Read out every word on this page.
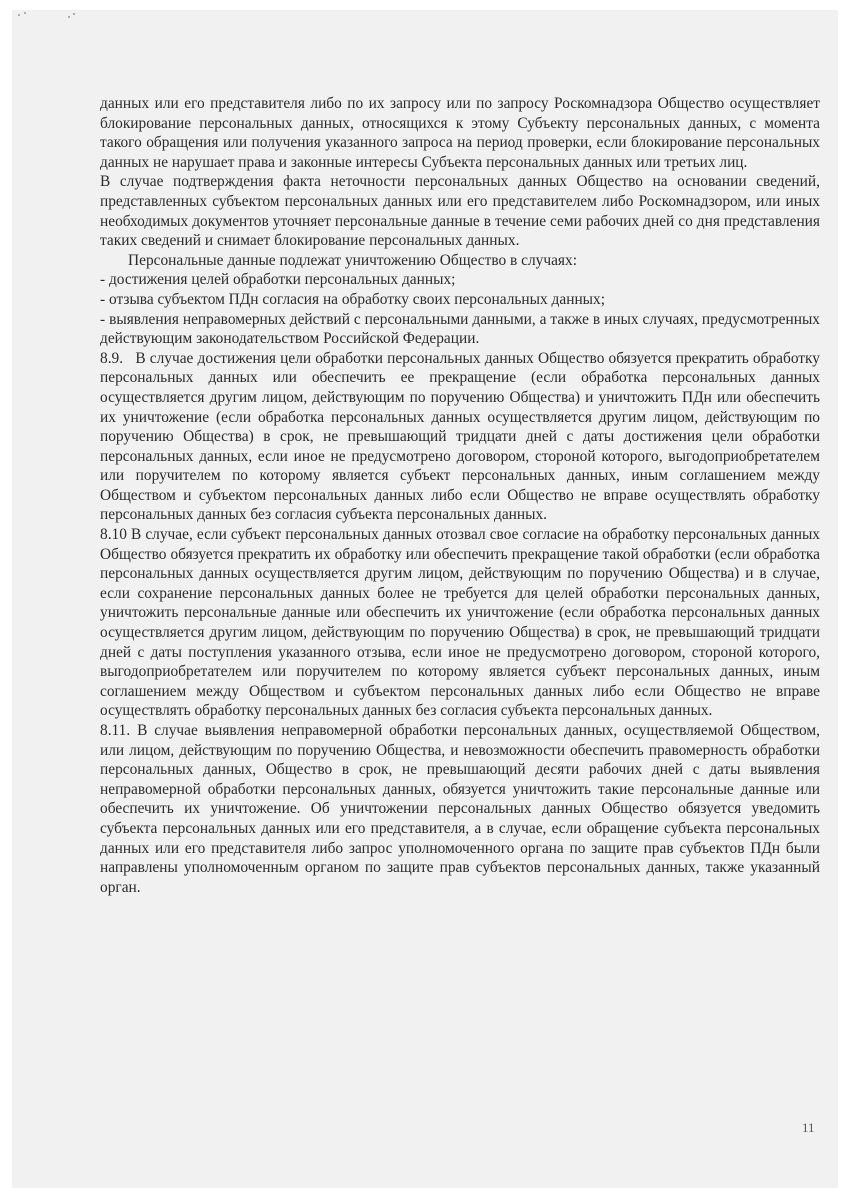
данных или его представителя либо по их запросу или по запросу Роскомнадзора Общество осуществляет блокирование персональных данных, относящихся к этому Субъекту персональных данных, с момента такого обращения или получения указанного запроса на период проверки, если блокирование персональных данных не нарушает права и законные интересы Субъекта персональных данных или третьих лиц.

В случае подтверждения факта неточности персональных данных Общество на основании сведений, представленных субъектом персональных данных или его представителем либо Роскомнадзором, или иных необходимых документов уточняет персональные данные в течение семи рабочих дней со дня представления таких сведений и снимает блокирование персональных данных.

Персональные данные подлежат уничтожению Общество в случаях:

- достижения целей обработки персональных данных;

- отзыва субъектом ПДн согласия на обработку своих персональных данных;

- выявления неправомерных действий с персональными данными, а также в иных случаях, предусмотренных действующим законодательством Российской Федерации.

8.9.   В случае достижения цели обработки персональных данных Общество обязуется прекратить обработку персональных данных или обеспечить ее прекращение (если обработка персональных данных осуществляется другим лицом, действующим по поручению Общества) и уничтожить ПДн или обеспечить их уничтожение (если обработка персональных данных осуществляется другим лицом, действующим по поручению Общества) в срок, не превышающий тридцати дней с даты достижения цели обработки персональных данных, если иное не предусмотрено договором, стороной которого, выгодоприобретателем или поручителем по которому является субъект персональных данных, иным соглашением между Обществом и субъектом персональных данных либо если Общество не вправе осуществлять обработку персональных данных без согласия субъекта персональных данных.

8.10 В случае, если субъект персональных данных отозвал свое согласие на обработку персональных данных Общество обязуется прекратить их обработку или обеспечить прекращение такой обработки (если обработка персональных данных осуществляется другим лицом, действующим по поручению Общества) и в случае, если сохранение персональных данных более не требуется для целей обработки персональных данных, уничтожить персональные данные или обеспечить их уничтожение (если обработка персональных данных осуществляется другим лицом, действующим по поручению Общества) в срок, не превышающий тридцати дней с даты поступления указанного отзыва, если иное не предусмотрено договором, стороной которого, выгодоприобретателем или поручителем по которому является субъект персональных данных, иным соглашением между Обществом и субъектом персональных данных либо если Общество не вправе осуществлять обработку персональных данных без согласия субъекта персональных данных.

8.11. В случае выявления неправомерной обработки персональных данных, осуществляемой Обществом, или лицом, действующим по поручению Общества, и невозможности обеспечить правомерность обработки персональных данных, Общество в срок, не превышающий десяти рабочих дней с даты выявления неправомерной обработки персональных данных, обязуется уничтожить такие персональные данные или обеспечить их уничтожение. Об уничтожении персональных данных Общество обязуется уведомить субъекта персональных данных или его представителя, а в случае, если обращение субъекта персональных данных или его представителя либо запрос уполномоченного органа по защите прав субъектов ПДн были направлены уполномоченным органом по защите прав субъектов персональных данных, также указанный орган.

11
